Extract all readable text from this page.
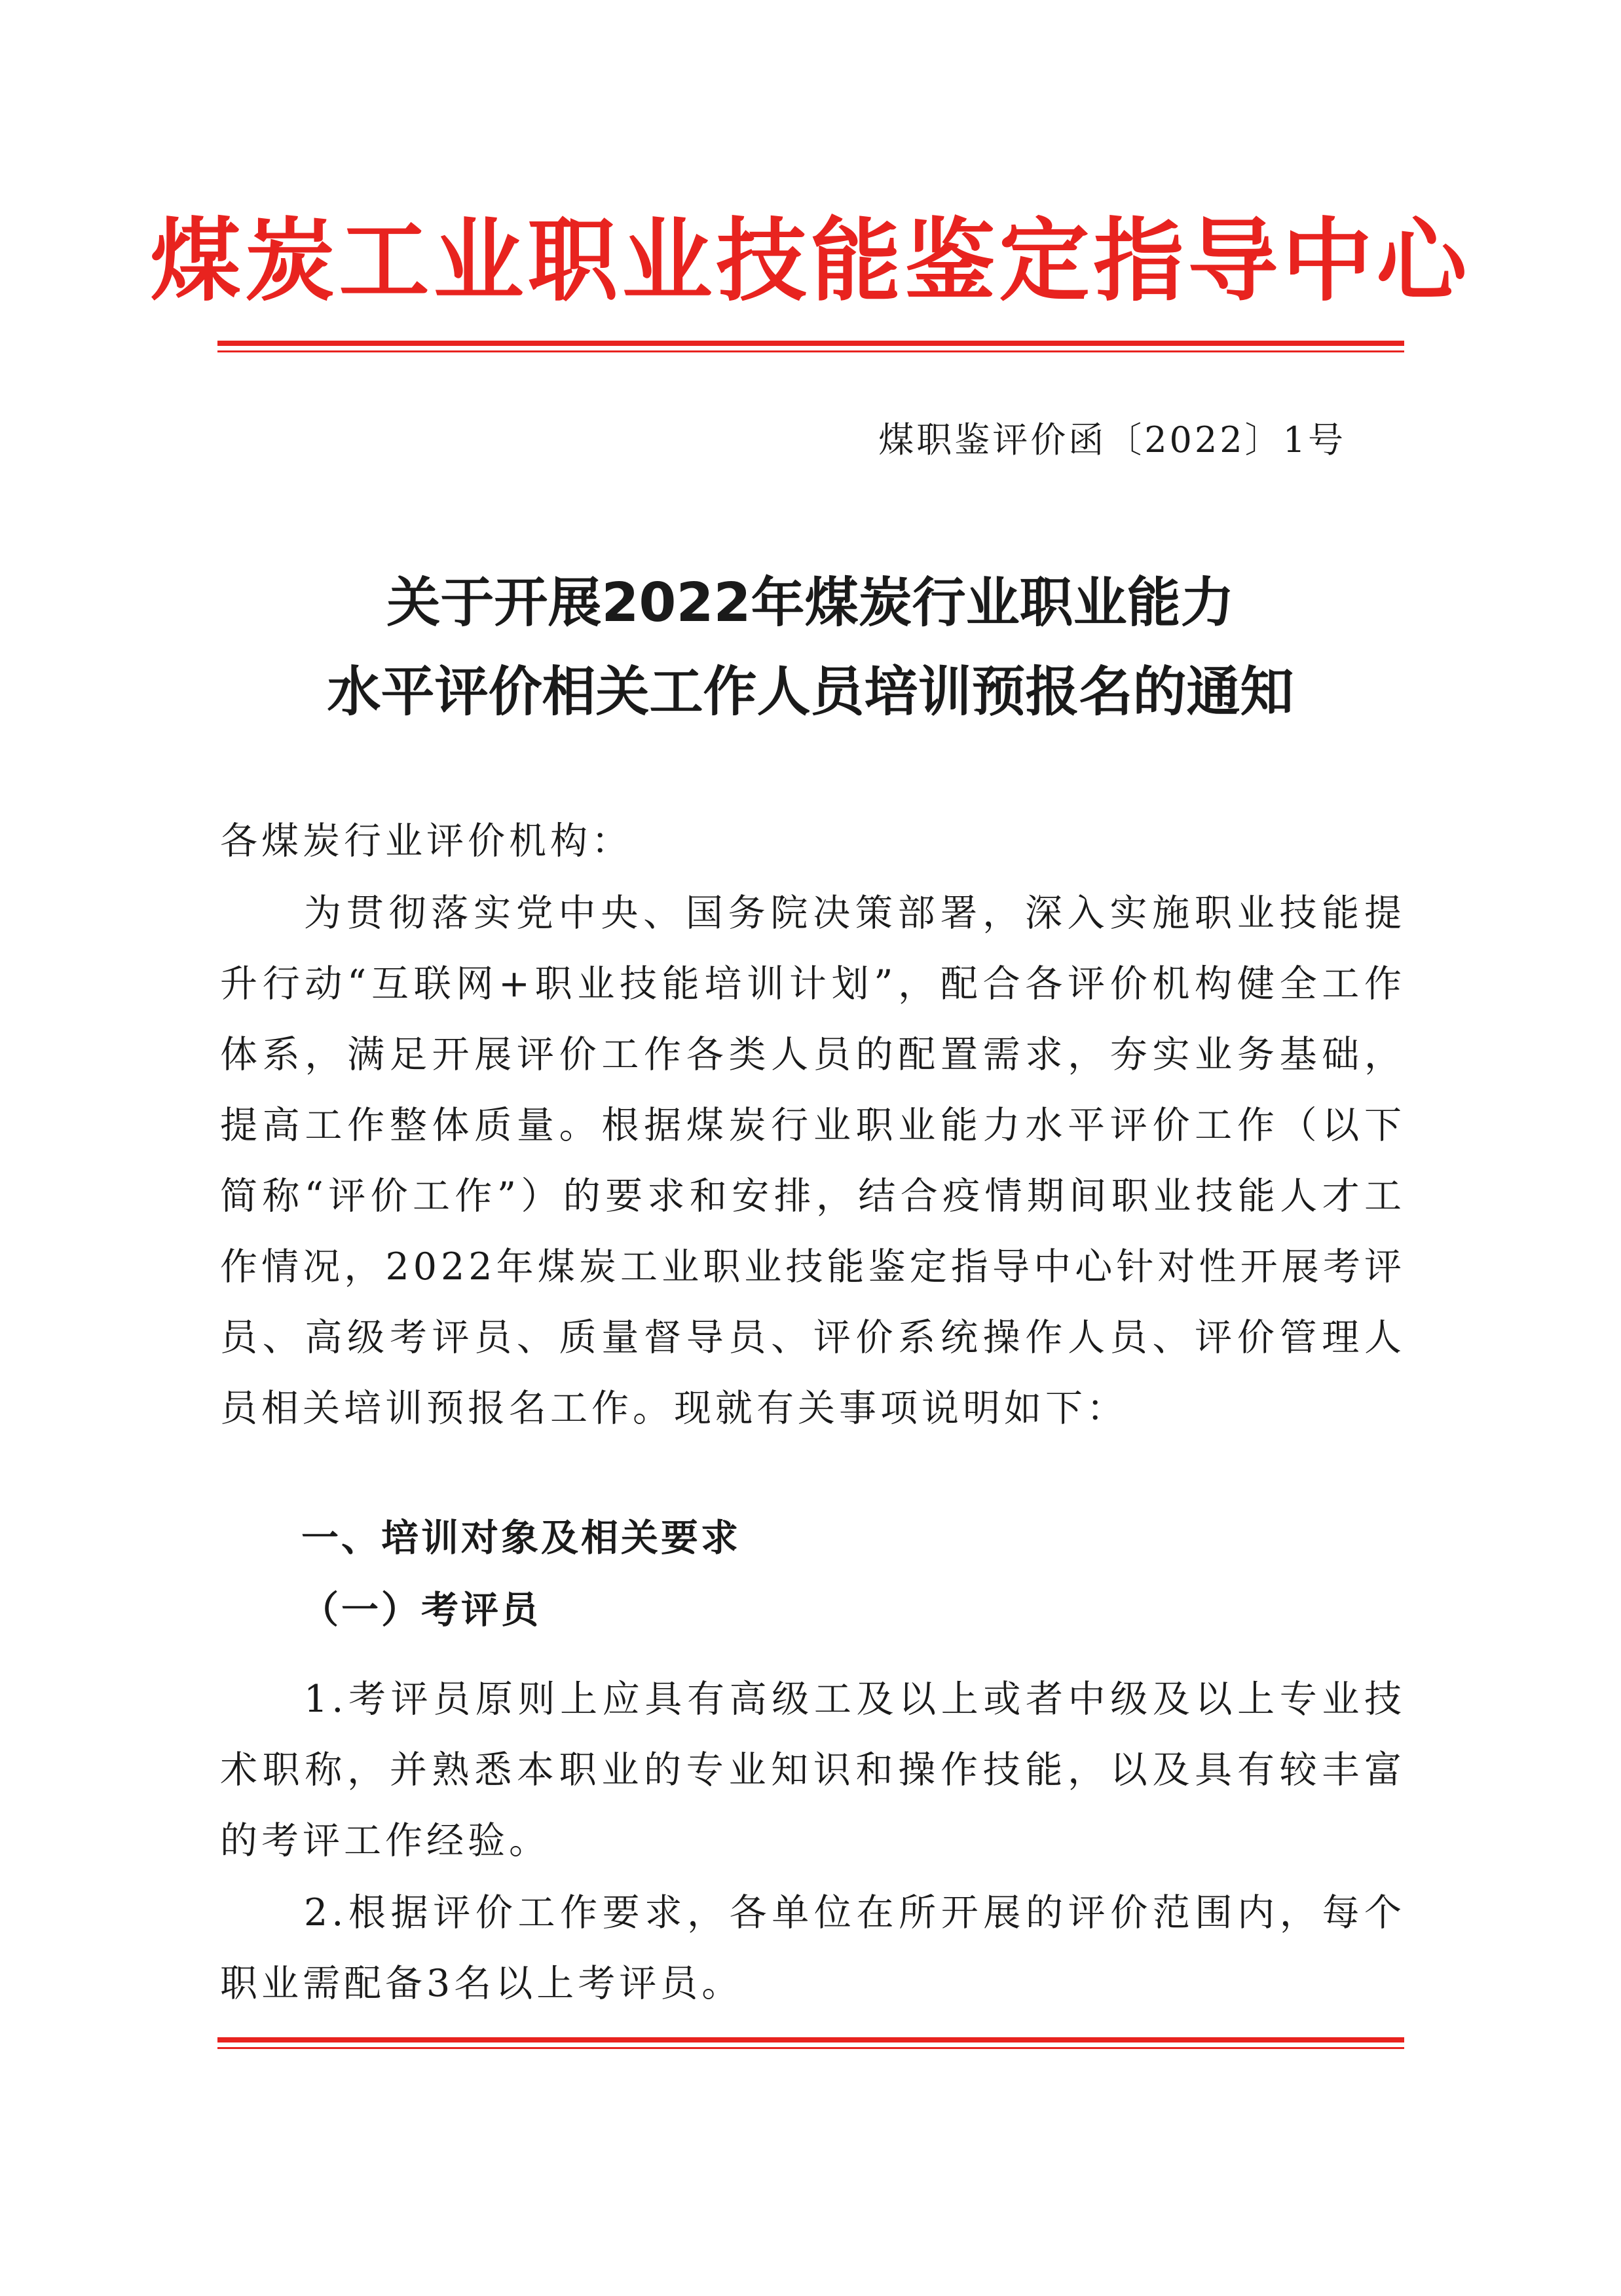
煤炭工业职业技能鉴定指导中心
煤职鉴评价函〔2022〕1号
关于开展2022年煤炭行业职业能力
水平评价相关工作人员培训预报名的通知
各煤炭行业评价机构：
为贯彻落实党中央、国务院决策部署，深入实施职业技能提升行动“互联网+职业技能培训计划”，配合各评价机构健全工作体系，满足开展评价工作各类人员的配置需求，夯实业务基础，提高工作整体质量。根据煤炭行业职业能力水平评价工作（以下简称“评价工作”）的要求和安排，结合疫情期间职业技能人才工作情况，2022年煤炭工业职业技能鉴定指导中心针对性开展考评员、高级考评员、质量督导员、评价系统操作人员、评价管理人员相关培训预报名工作。现就有关事项说明如下：
一、培训对象及相关要求
（一）考评员
1.考评员原则上应具有高级工及以上或者中级及以上专业技术职称，并熟悉本职业的专业知识和操作技能，以及具有较丰富的考评工作经验。
2.根据评价工作要求，各单位在所开展的评价范围内，每个职业需配备3名以上考评员。
